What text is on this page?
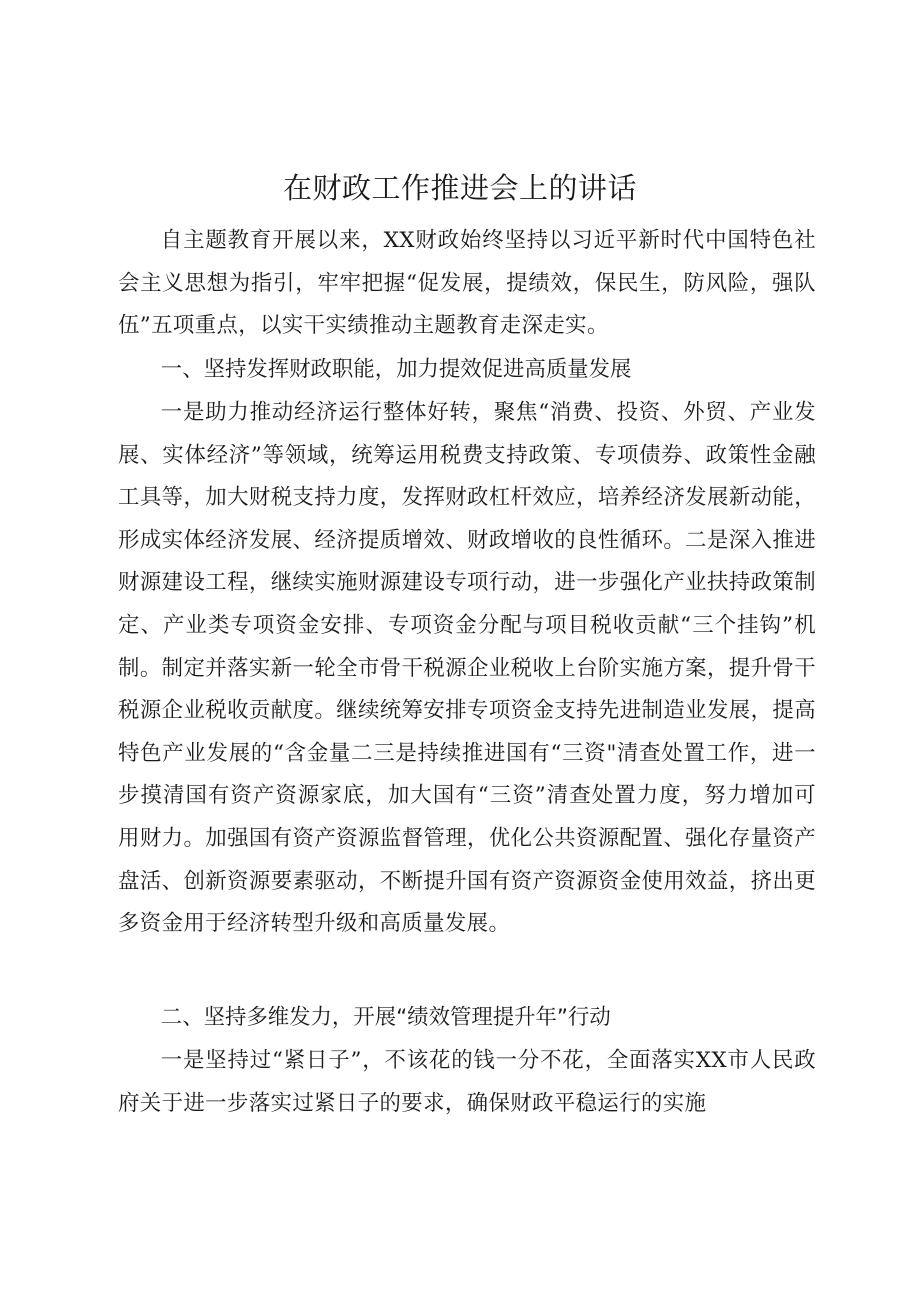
在财政工作推进会上的讲话

自主题教育开展以来，XX财政始终坚持以习近平新时代中国特色社会主义思想为指引，牢牢把握“促发展，提绩效，保民生，防风险，强队伍”五项重点，以实干实绩推动主题教育走深走实。

一、坚持发挥财政职能，加力提效促进高质量发展

一是助力推动经济运行整体好转，聚焦“消费、投资、外贸、产业发展、实体经济”等领域，统筹运用税费支持政策、专项债券、政策性金融工具等，加大财税支持力度，发挥财政杠杆效应，培养经济发展新动能，形成实体经济发展、经济提质增效、财政增收的良性循环。二是深入推进财源建设工程，继续实施财源建设专项行动，进一步强化产业扶持政策制定、产业类专项资金安排、专项资金分配与项目税收贡献“三个挂钩”机制。制定并落实新一轮全市骨干税源企业税收上台阶实施方案，提升骨干税源企业税收贡献度。继续统筹安排专项资金支持先进制造业发展，提高特色产业发展的“含金量二三是持续推进国有“三资"清查处置工作，进一步摸清国有资产资源家底，加大国有“三资”清查处置力度，努力增加可用财力。加强国有资产资源监督管理，优化公共资源配置、强化存量资产盘活、创新资源要素驱动，不断提升国有资产资源资金使用效益，挤出更多资金用于经济转型升级和高质量发展。

二、坚持多维发力，开展“绩效管理提升年”行动

一是坚持过“紧日子”，不该花的钱一分不花，全面落实XX市人民政府关于进一步落实过紧日子的要求，确保财政平稳运行的实施
